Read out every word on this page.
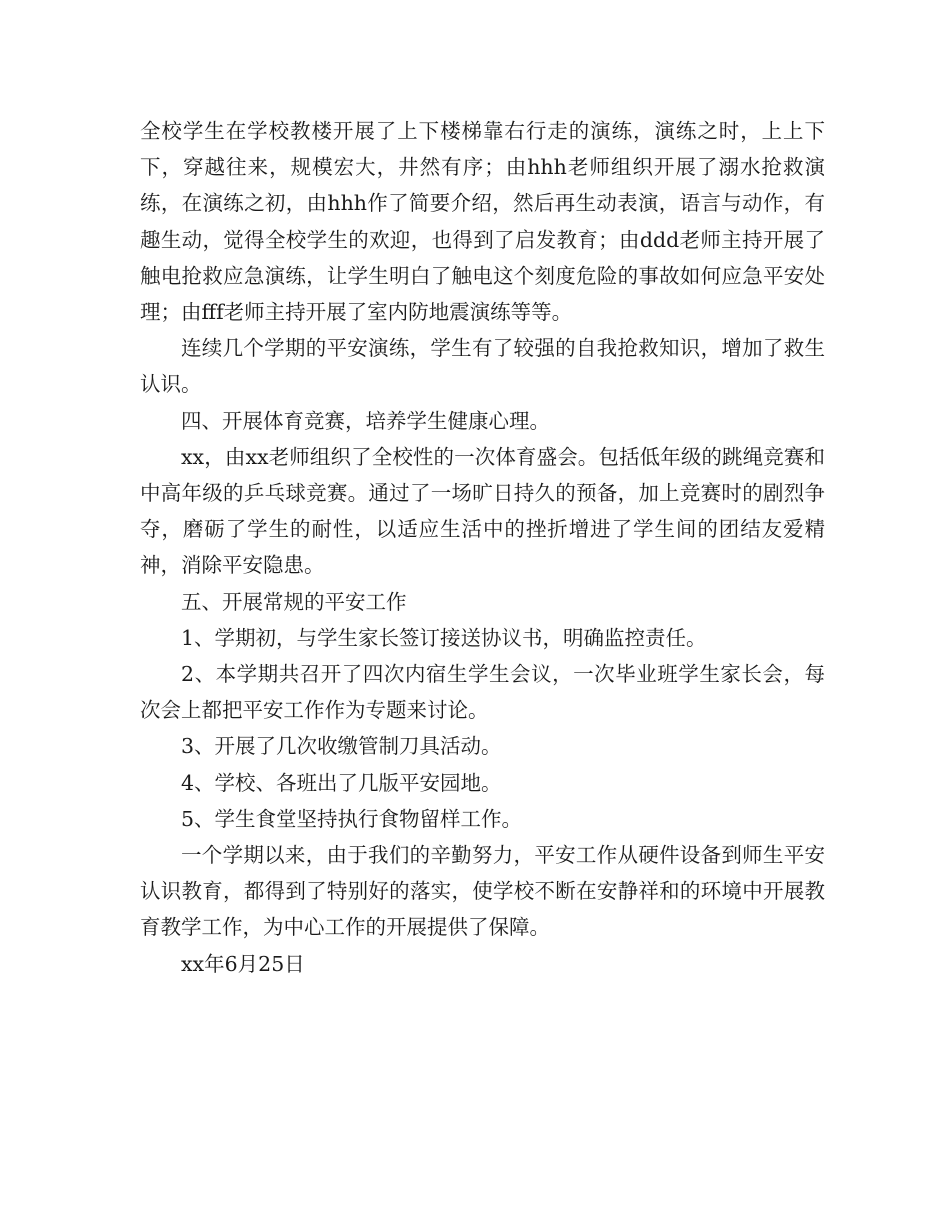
全校学生在学校教楼开展了上下楼梯靠右行走的演练，演练之时，上上下下，穿越往来，规模宏大，井然有序；由hhh老师组织开展了溺水抢救演练，在演练之初，由hhh作了简要介绍，然后再生动表演，语言与动作，有趣生动，觉得全校学生的欢迎，也得到了启发教育；由ddd老师主持开展了触电抢救应急演练，让学生明白了触电这个刻度危险的事故如何应急平安处理；由fff老师主持开展了室内防地震演练等等。

连续几个学期的平安演练，学生有了较强的自我抢救知识，增加了救生认识。

四、开展体育竞赛，培养学生健康心理。

xx，由xx老师组织了全校性的一次体育盛会。包括低年级的跳绳竞赛和中高年级的乒乓球竞赛。通过了一场旷日持久的预备，加上竞赛时的剧烈争夺，磨砺了学生的耐性，以适应生活中的挫折增进了学生间的团结友爱精神，消除平安隐患。

五、开展常规的平安工作

1、学期初，与学生家长签订接送协议书，明确监控责任。

2、本学期共召开了四次内宿生学生会议，一次毕业班学生家长会，每次会上都把平安工作作为专题来讨论。

3、开展了几次收缴管制刀具活动。

4、学校、各班出了几版平安园地。

5、学生食堂坚持执行食物留样工作。

一个学期以来，由于我们的辛勤努力，平安工作从硬件设备到师生平安认识教育，都得到了特别好的落实，使学校不断在安静祥和的环境中开展教育教学工作，为中心工作的开展提供了保障。

xx年6月25日
